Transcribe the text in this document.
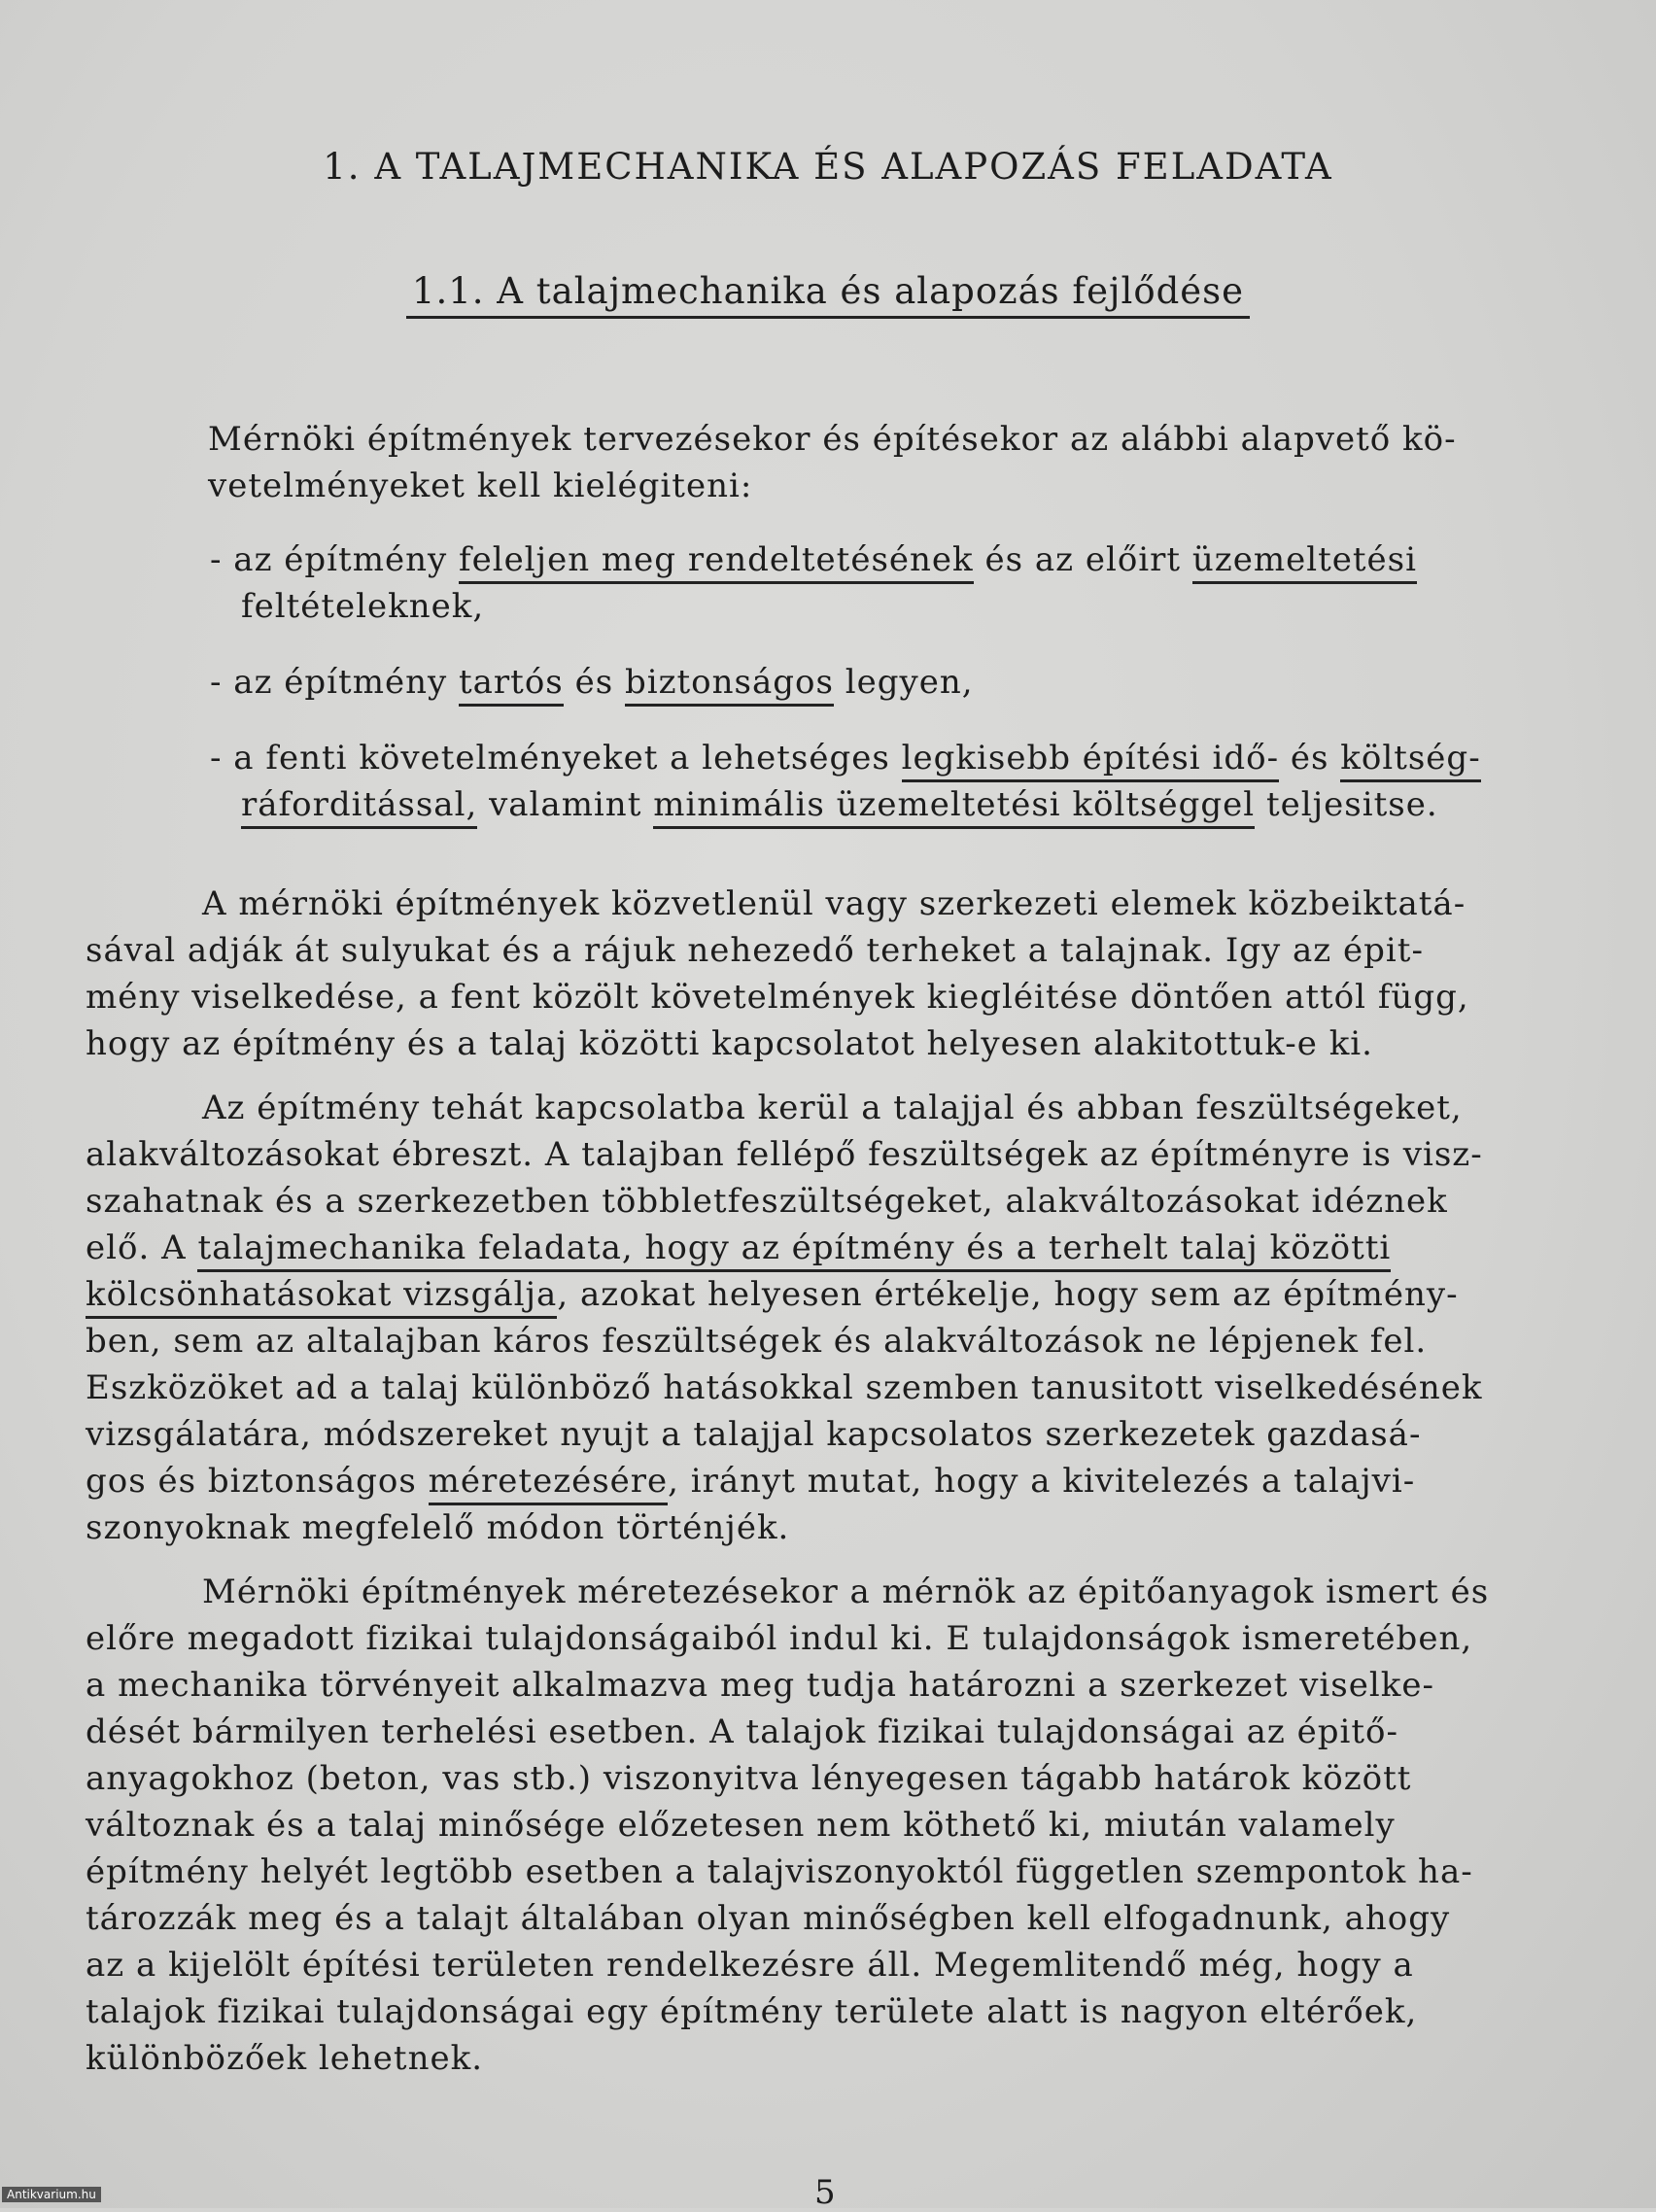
1. A TALAJMECHANIKA ÉS ALAPOZÁS FELADATA
1.1. A talajmechanika és alapozás fejlődése
Mérnöki építmények tervezésekor és építésekor az alábbi alapvető kö-
vetelményeket kell kielégiteni:
- az építmény feleljen meg rendeltetésének és az előirt üzemeltetési
feltételeknek,
- az építmény tartós és biztonságos legyen,
- a fenti követelményeket a lehetséges legkisebb építési idő- és költség-
ráforditással, valamint minimális üzemeltetési költséggel teljesitse.
A mérnöki építmények közvetlenül vagy szerkezeti elemek közbeiktatá-
sával adják át sulyukat és a rájuk nehezedő terheket a talajnak. Igy az épit-
mény viselkedése, a fent közölt követelmények kiegléitése döntően attól függ,
hogy az építmény és a talaj közötti kapcsolatot helyesen alakitottuk-e ki.
Az építmény tehát kapcsolatba kerül a talajjal és abban feszültségeket,
alakváltozásokat ébreszt. A talajban fellépő feszültségek az építményre is visz-
szahatnak és a szerkezetben többletfeszültségeket, alakváltozásokat idéznek
elő. A talajmechanika feladata, hogy az építmény és a terhelt talaj közötti
kölcsönhatásokat vizsgálja, azokat helyesen értékelje, hogy sem az építmény-
ben, sem az altalajban káros feszültségek és alakváltozások ne lépjenek fel.
Eszközöket ad a talaj különböző hatásokkal szemben tanusitott viselkedésének
vizsgálatára, módszereket nyujt a talajjal kapcsolatos szerkezetek gazdasá-
gos és biztonságos méretezésére, irányt mutat, hogy a kivitelezés a talajvi-
szonyoknak megfelelő módon történjék.
Mérnöki építmények méretezésekor a mérnök az épitőanyagok ismert és
előre megadott fizikai tulajdonságaiból indul ki. E tulajdonságok ismeretében,
a mechanika törvényeit alkalmazva meg tudja határozni a szerkezet viselke-
dését bármilyen terhelési esetben. A talajok fizikai tulajdonságai az épitő-
anyagokhoz (beton, vas stb.) viszonyitva lényegesen tágabb határok között
változnak és a talaj minősége előzetesen nem köthető ki, miután valamely
építmény helyét legtöbb esetben a talajviszonyoktól független szempontok ha-
tározzák meg és a talajt általában olyan minőségben kell elfogadnunk, ahogy
az a kijelölt építési területen rendelkezésre áll. Megemlitendő még, hogy a
talajok fizikai tulajdonságai egy építmény területe alatt is nagyon eltérőek,
különbözőek lehetnek.
5
Antikvarium.hu
